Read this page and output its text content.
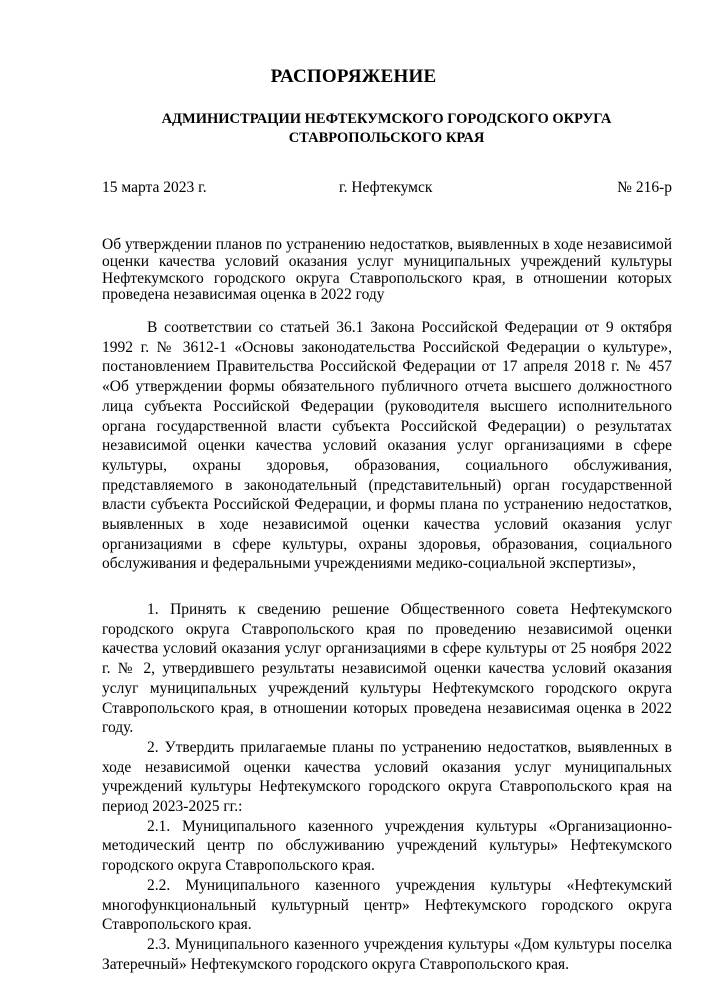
РАСПОРЯЖЕНИЕ
АДМИНИСТРАЦИИ НЕФТЕКУМСКОГО ГОРОДСКОГО ОКРУГА
СТАВРОПОЛЬСКОГО КРАЯ
15 марта 2023 г.	г. Нефтекумск	№ 216-р

Об утверждении планов по устранению недостатков, выявленных в ходе независимой оценки качества условий оказания услуг муниципальных учреждений культуры Нефтекумского городского округа Ставропольского края, в отношении которых проведена независимая оценка в 2022 году

В соответствии со статьей 36.1 Закона Российской Федерации от 9 октября 1992 г. № 3612-1 «Основы законодательства Российской Федерации о культуре», постановлением Правительства Российской Федерации от 17 апреля 2018 г. № 457 «Об утверждении формы обязательного публичного отчета высшего должностного лица субъекта Российской Федерации (руководителя высшего исполнительного органа государственной власти субъекта Российской Федерации) о результатах независимой оценки качества условий оказания услуг организациями в сфере культуры, охраны здоровья, образования, социального обслуживания, представляемого в законодательный (представительный) орган государственной власти субъекта Российской Федерации, и формы плана по устранению недостатков, выявленных в ходе независимой оценки качества условий оказания услуг организациями в сфере культуры, охраны здоровья, образования, социального обслуживания и федеральными учреждениями медико-социальной экспертизы»,

1. Принять к сведению решение Общественного совета Нефтекумского городского округа Ставропольского края по проведению независимой оценки качества условий оказания услуг организациями в сфере культуры от 25 ноября 2022 г. № 2, утвердившего результаты независимой оценки качества условий оказания услуг муниципальных учреждений культуры Нефтекумского городского округа Ставропольского края, в отношении которых проведена независимая оценка в 2022 году.

2. Утвердить прилагаемые планы по устранению недостатков, выявленных в ходе независимой оценки качества условий оказания услуг муниципальных учреждений культуры Нефтекумского городского округа Ставропольского края на период 2023-2025 гг.:

2.1. Муниципального казенного учреждения культуры «Организационно-методический центр по обслуживанию учреждений культуры» Нефтекумского городского округа Ставропольского края.

2.2. Муниципального казенного учреждения культуры «Нефтекумский многофункциональный культурный центр» Нефтекумского городского округа Ставропольского края.

2.3. Муниципального казенного учреждения культуры «Дом культуры поселка Затеречный» Нефтекумского городского округа Ставропольского края.
